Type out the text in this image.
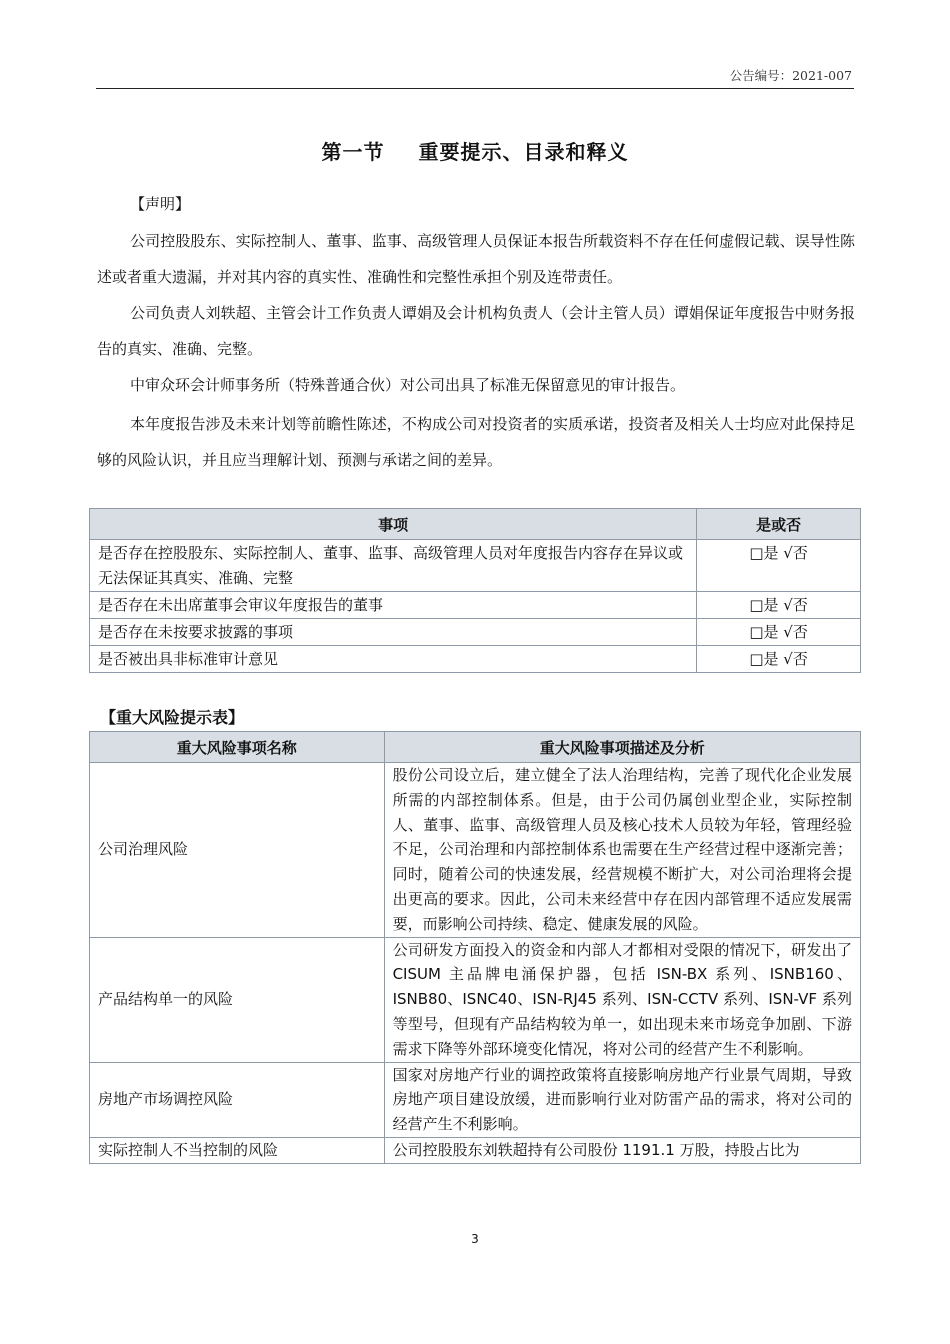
公告编号：2021-007
第一节 重要提示、目录和释义
【声明】
公司控股股东、实际控制人、董事、监事、高级管理人员保证本报告所载资料不存在任何虚假记载、误导性陈述或者重大遗漏，并对其内容的真实性、准确性和完整性承担个别及连带责任。
公司负责人刘轶超、主管会计工作负责人谭娟及会计机构负责人（会计主管人员）谭娟保证年度报告中财务报告的真实、准确、完整。
中审众环会计师事务所（特殊普通合伙）对公司出具了标准无保留意见的审计报告。
本年度报告涉及未来计划等前瞻性陈述，不构成公司对投资者的实质承诺，投资者及相关人士均应对此保持足够的风险认识，并且应当理解计划、预测与承诺之间的差异。
事项	是或否
是否存在控股股东、实际控制人、董事、监事、高级管理人员对年度报告内容存在异议或无法保证其真实、准确、完整	□是 √否
是否存在未出席董事会审议年度报告的董事	□是 √否
是否存在未按要求披露的事项	□是 √否
是否被出具非标准审计意见	□是 √否
【重大风险提示表】
重大风险事项名称	重大风险事项描述及分析
公司治理风险	股份公司设立后，建立健全了法人治理结构，完善了现代化企业发展所需的内部控制体系。但是，由于公司仍属创业型企业，实际控制人、董事、监事、高级管理人员及核心技术人员较为年轻，管理经验不足，公司治理和内部控制体系也需要在生产经营过程中逐渐完善；同时，随着公司的快速发展，经营规模不断扩大，对公司治理将会提出更高的要求。因此，公司未来经营中存在因内部管理不适应发展需要，而影响公司持续、稳定、健康发展的风险。
产品结构单一的风险	公司研发方面投入的资金和内部人才都相对受限的情况下，研发出了 CISUM 主品牌电涌保护器，包括 ISN-BX 系列、ISNB160、ISNB80、ISNC40、ISN-RJ45 系列、ISN-CCTV 系列、ISN-VF 系列等型号，但现有产品结构较为单一，如出现未来市场竞争加剧、下游需求下降等外部环境变化情况，将对公司的经营产生不利影响。
房地产市场调控风险	国家对房地产行业的调控政策将直接影响房地产行业景气周期，导致房地产项目建设放缓，进而影响行业对防雷产品的需求，将对公司的经营产生不利影响。
实际控制人不当控制的风险	公司控股股东刘轶超持有公司股份 1191.1 万股，持股占比为
3
